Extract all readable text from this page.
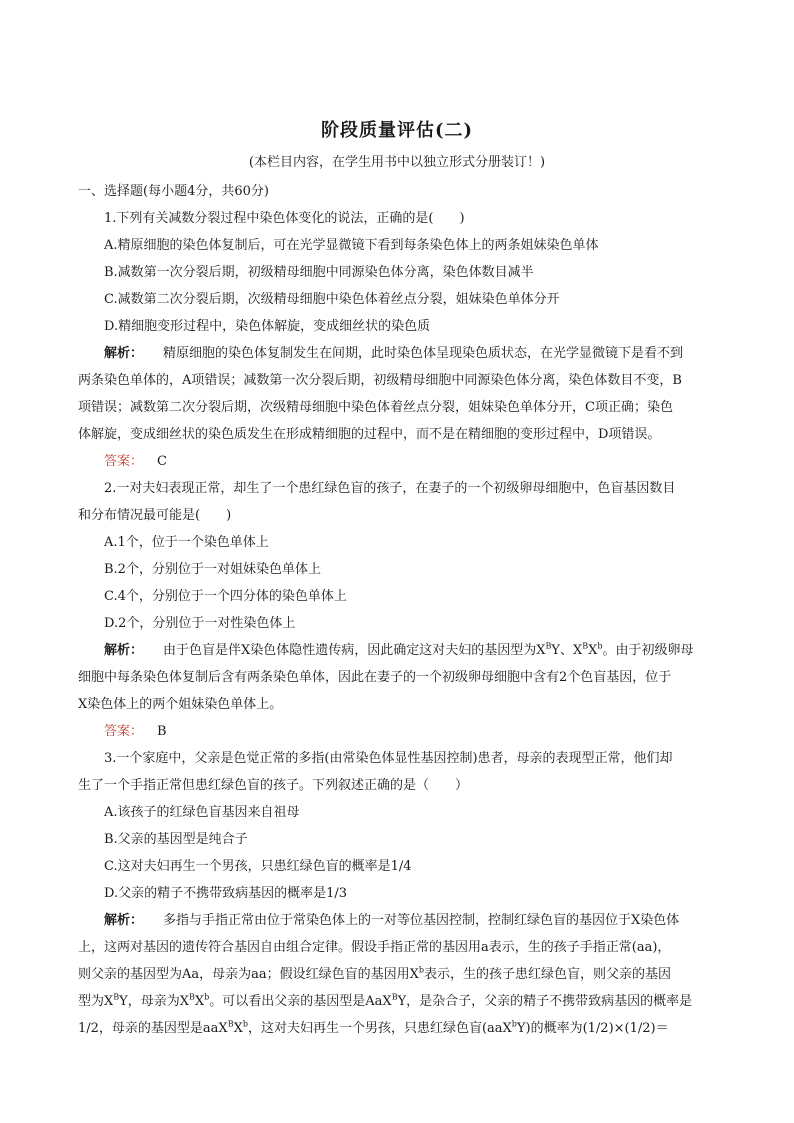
阶段质量评估(二)
(本栏目内容，在学生用书中以独立形式分册装订！)
一、选择题(每小题4分，共60分)
1.下列有关减数分裂过程中染色体变化的说法，正确的是(　　)
A.精原细胞的染色体复制后，可在光学显微镜下看到每条染色体上的两条姐妹染色单体
B.减数第一次分裂后期，初级精母细胞中同源染色体分离，染色体数目减半
C.减数第二次分裂后期，次级精母细胞中染色体着丝点分裂，姐妹染色单体分开
D.精细胞变形过程中，染色体解旋，变成细丝状的染色质
解析： 精原细胞的染色体复制发生在间期，此时染色体呈现染色质状态，在光学显微镜下是看不到
两条染色单体的，A项错误；减数第一次分裂后期，初级精母细胞中同源染色体分离，染色体数目不变，B
项错误；减数第二次分裂后期，次级精母细胞中染色体着丝点分裂，姐妹染色单体分开，C项正确；染色
体解旋，变成细丝状的染色质发生在形成精细胞的过程中，而不是在精细胞的变形过程中，D项错误。
答案： C
2.一对夫妇表现正常，却生了一个患红绿色盲的孩子，在妻子的一个初级卵母细胞中，色盲基因数目
和分布情况最可能是(　　)
A.1个，位于一个染色单体上
B.2个，分别位于一对姐妹染色单体上
C.4个，分别位于一个四分体的染色单体上
D.2个，分别位于一对性染色体上
解析： 由于色盲是伴X染色体隐性遗传病，因此确定这对夫妇的基因型为$X^BY$、$X^BX^b$。由于初级卵母
细胞中每条染色体复制后含有两条染色单体，因此在妻子的一个初级卵母细胞中含有2个色盲基因，位于
X染色体上的两个姐妹染色单体上。
答案： B
3.一个家庭中，父亲是色觉正常的多指(由常染色体显性基因控制)患者，母亲的表现型正常，他们却
生了一个手指正常但患红绿色盲的孩子。下列叙述正确的是（　　）
A.该孩子的红绿色盲基因来自祖母
B.父亲的基因型是纯合子
C.这对夫妇再生一个男孩，只患红绿色盲的概率是1/4
D.父亲的精子不携带致病基因的概率是1/3
解析： 多指与手指正常由位于常染色体上的一对等位基因控制，控制红绿色盲的基因位于X染色体
上，这两对基因的遗传符合基因自由组合定律。假设手指正常的基因用a表示，生的孩子手指正常(aa)，
则父亲的基因型为Aa，母亲为aa；假设红绿色盲的基因用$X^b$表示，生的孩子患红绿色盲，则父亲的基因
型为$X^BY$，母亲为$X^BX^b$。可以看出父亲的基因型是AaX$^B$Y，是杂合子，父亲的精子不携带致病基因的概率是
1/2，母亲的基因型是$aaX^BX^b$，这对夫妇再生一个男孩，只患红绿色盲(aaX$^b$Y)的概率为(1/2)×(1/2)＝
